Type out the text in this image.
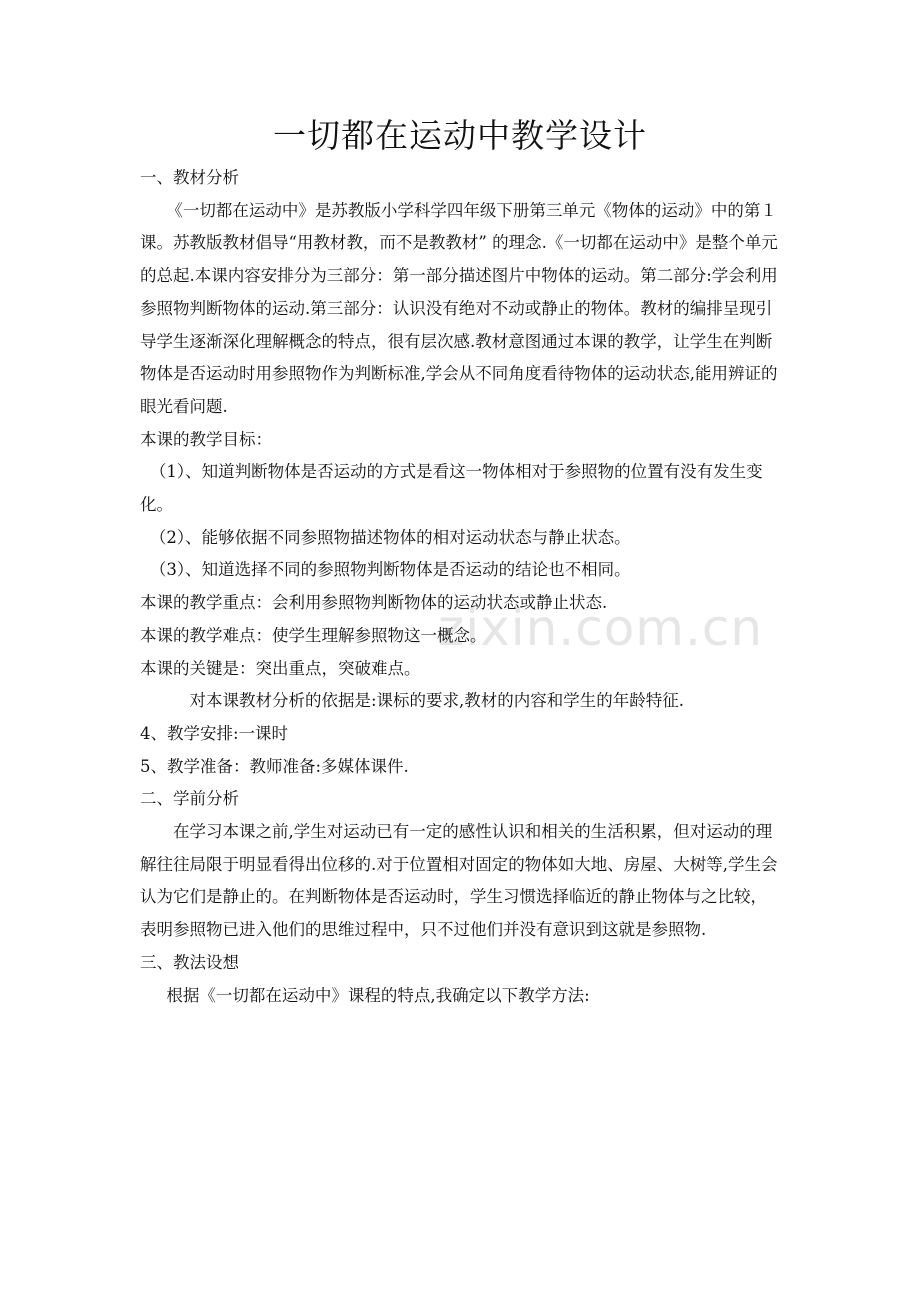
zixin.com.cn
一切都在运动中教学设计

一、教材分析

《一切都在运动中》是苏教版小学科学四年级下册第三单元《物体的运动》中的第１课。苏教版教材倡导“用教材教，而不是教教材” 的理念.《一切都在运动中》是整个单元的总起.本课内容安排分为三部分：第一部分描述图片中物体的运动。第二部分:学会利用参照物判断物体的运动.第三部分：认识没有绝对不动或静止的物体。教材的编排呈现引导学生逐渐深化理解概念的特点，很有层次感.教材意图通过本课的教学，让学生在判断物体是否运动时用参照物作为判断标准,学会从不同角度看待物体的运动状态,能用辨证的眼光看问题.

本课的教学目标：

（1）、知道判断物体是否运动的方式是看这一物体相对于参照物的位置有没有发生变化。

（2）、能够依据不同参照物描述物体的相对运动状态与静止状态。

（3）、知道选择不同的参照物判断物体是否运动的结论也不相同。

本课的教学重点：会利用参照物判断物体的运动状态或静止状态.

本课的教学难点：使学生理解参照物这一概念。

本课的关键是：突出重点，突破难点。

对本课教材分析的依据是:课标的要求,教材的内容和学生的年龄特征.

4、教学安排:一课时

5、教学准备：教师准备:多媒体课件.

二、学前分析

在学习本课之前,学生对运动已有一定的感性认识和相关的生活积累，但对运动的理解往往局限于明显看得出位移的.对于位置相对固定的物体如大地、房屋、大树等,学生会认为它们是静止的。在判断物体是否运动时，学生习惯选择临近的静止物体与之比较，表明参照物已进入他们的思维过程中，只不过他们并没有意识到这就是参照物.

三、教法设想

根据《一切都在运动中》课程的特点,我确定以下教学方法:
